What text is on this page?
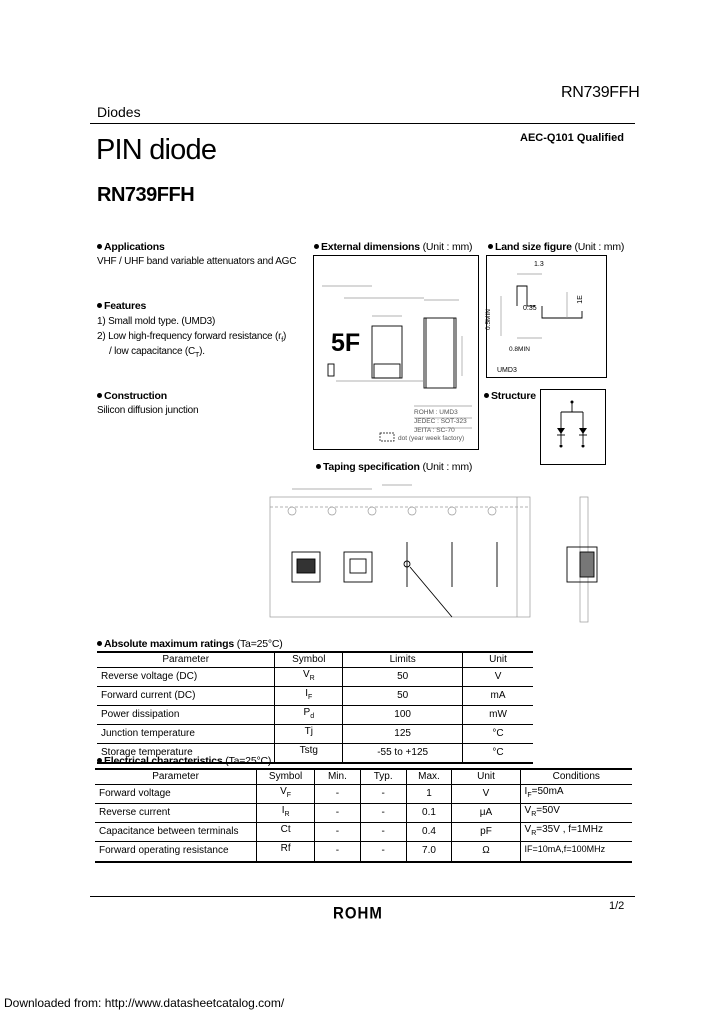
RN739FFH
Diodes
AEC-Q101 Qualified
PIN diode
RN739FFH
Applications
VHF / UHF band variable attenuators and AGC
Features
1) Small mold type. (UMD3)
2) Low high-frequency forward resistance $(r_f)$
/ low capacitance $(C_T)$.
Construction
Silicon diffusion junction
External dimensions (Unit : mm)
5F
ROHM : UMD3
JEDEC : SOT-323
JEITA : SC-70
dot (year week factory)
Land size figure (Unit : mm)
1.3
0.35
0.8MIN
1E
0.5MIN
UMD3
Structure
Taping specification (Unit : mm)
Absolute maximum ratings (Ta=25°C)
Parameter	Symbol	Limits	Unit
Reverse voltage (DC)	$V_R$	50	V
Forward current (DC)	$I_F$	50	mA
Power dissipation	$P_d$	100	mW
Junction temperature	Tj	125	°C
Storage temperature	Tstg	-55 to +125	°C
Electrical characteristics (Ta=25°C)
Parameter	Symbol	Min.	Typ.	Max.	Unit	Conditions
Forward voltage	$V_F$	-	-	1	V	$I_F=50mA$
Reverse current	$I_R$	-	-	0.1	μA	$V_R=50V$
Capacitance between terminals	Ct	-	-	0.4	pF	$V_R=35V$ , f=1MHz
Forward operating resistance	Rf	-	-	7.0	Ω	IF=10mA,f=100MHz
1/2
ROHM
Downloaded from: http://www.datasheetcatalog.com/
